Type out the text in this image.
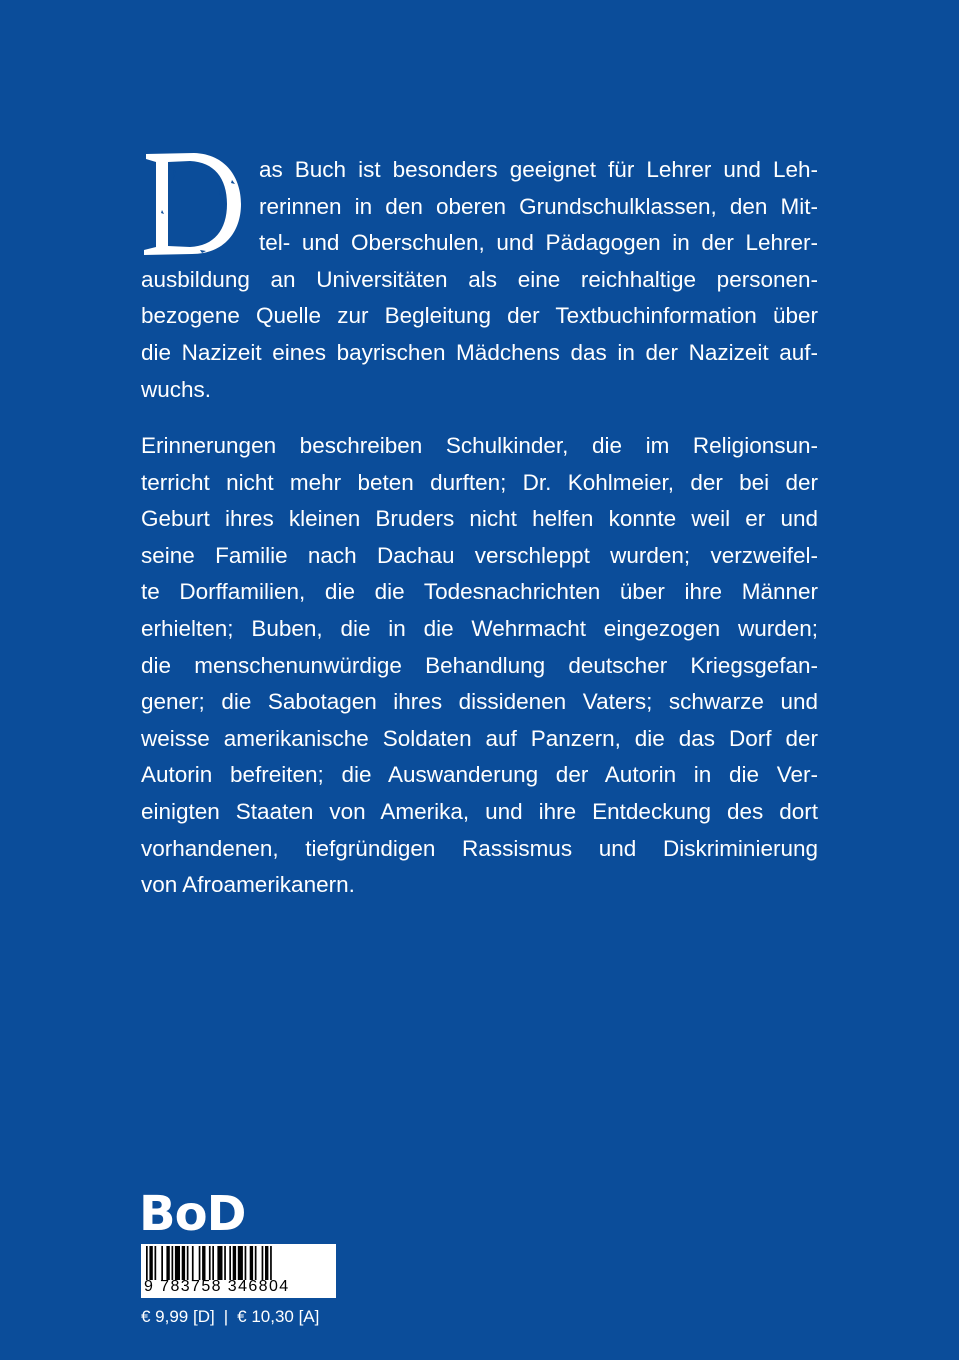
as Buch ist besonders geeignet für Lehrer und Leh-
rerinnen in den oberen Grundschulklassen, den Mit-
tel- und Oberschulen, und Pädagogen in der Lehrer-
ausbildung an Universitäten als eine reichhaltige personen-
bezogene Quelle zur Begleitung der Textbuchinformation über
die Nazizeit eines bayrischen Mädchens das in der Nazizeit auf-
wuchs.
Erinnerungen beschreiben Schulkinder, die im Religionsun-
terricht nicht mehr beten durften; Dr. Kohlmeier, der bei der
Geburt ihres kleinen Bruders nicht helfen konnte weil er und
seine Familie nach Dachau verschleppt wurden; verzweifel-
te Dorffamilien, die die Todesnachrichten über ihre Männer
erhielten; Buben, die in die Wehrmacht eingezogen wurden;
die menschenunwürdige Behandlung deutscher Kriegsgefan-
gener; die Sabotagen ihres dissidenen Vaters; schwarze und
weisse amerikanische Soldaten auf Panzern, die das Dorf der
Autorin befreiten; die Auswanderung der Autorin in die Ver-
einigten Staaten von Amerika, und ihre Entdeckung des dort
vorhandenen, tiefgründigen Rassismus und Diskriminierung
von Afroamerikanern.
BoD
9 783758 346804
€ 9,99 [D] | € 10,30 [A]
